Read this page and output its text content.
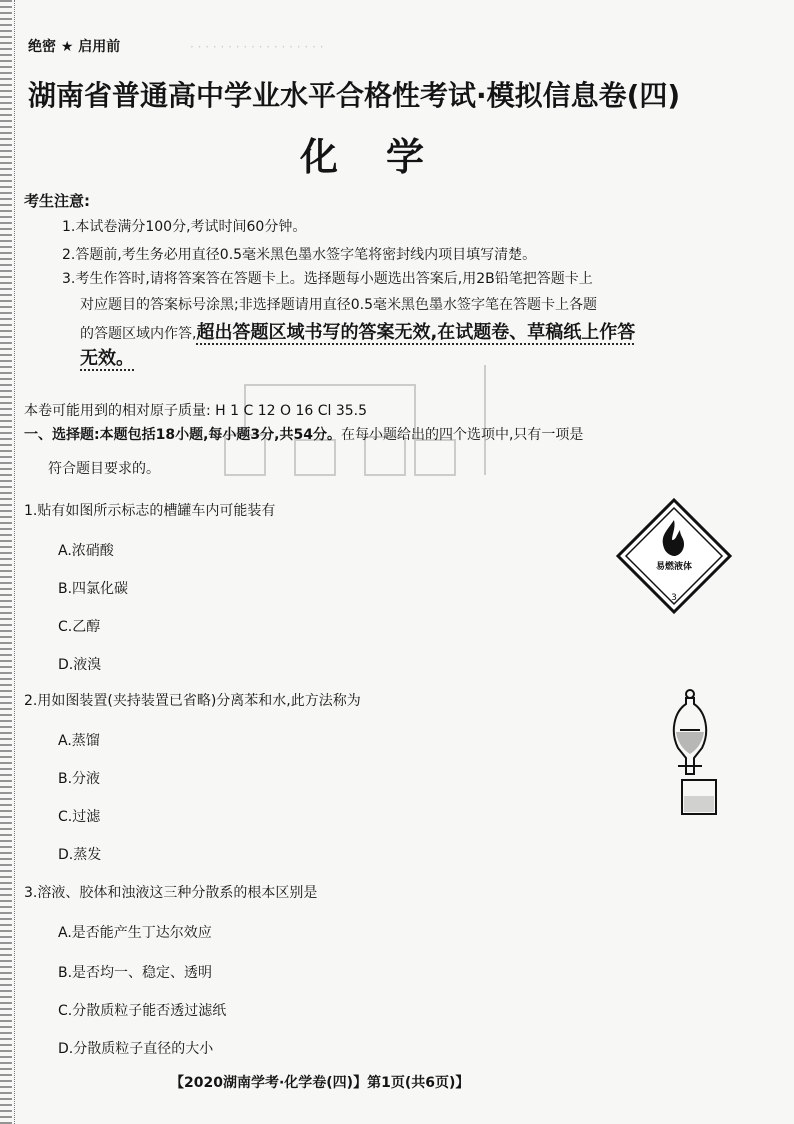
· · · · · · · · · · · · · · · · · ·
绝密 ★ 启用前
湖南省普通高中学业水平合格性考试·模拟信息卷(四)
化学
考生注意:
1.本试卷满分100分,考试时间60分钟。
2.答题前,考生务必用直径0.5毫米黑色墨水签字笔将密封线内项目填写清楚。
3.考生作答时,请将答案答在答题卡上。选择题每小题选出答案后,用2B铅笔把答题卡上
对应题目的答案标号涂黑;非选择题请用直径0.5毫米黑色墨水签字笔在答题卡上各题
的答题区域内作答,超出答题区域书写的答案无效,在试题卷、草稿纸上作答
无效。
本卷可能用到的相对原子质量: H 1 C 12 O 16 Cl 35.5
一、选择题:本题包括18小题,每小题3分,共54分。在每小题给出的四个选项中,只有一项是
符合题目要求的。
1.贴有如图所示标志的槽罐车内可能装有
A.浓硝酸
B.四氯化碳
C.乙醇
D.液溴
易燃液体
3
2.用如图装置(夹持装置已省略)分离苯和水,此方法称为
A.蒸馏
B.分液
C.过滤
D.蒸发
3.溶液、胶体和浊液这三种分散系的根本区别是
A.是否能产生丁达尔效应
B.是否均一、稳定、透明
C.分散质粒子能否透过滤纸
D.分散质粒子直径的大小
【2020湖南学考·化学卷(四)】第1页(共6页)】
